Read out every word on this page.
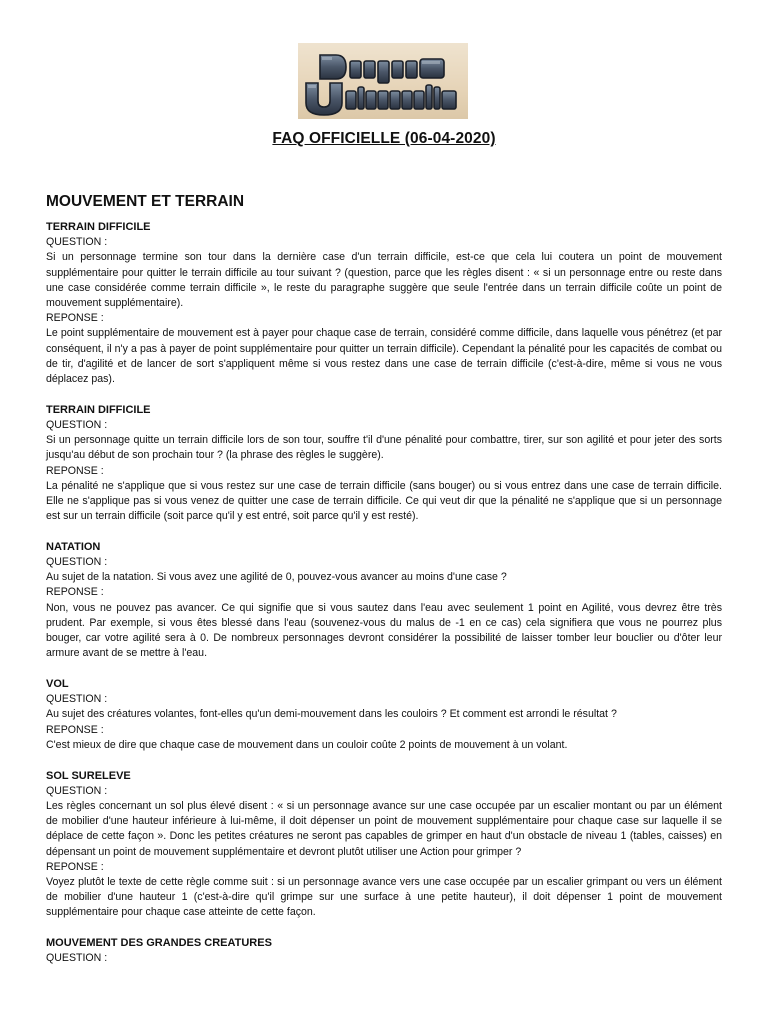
FAQ OFFICIELLE (06-04-2020)
MOUVEMENT ET TERRAIN
TERRAIN DIFFICILE

QUESTION :

Si un personnage termine son tour dans la dernière case d'un terrain difficile, est-ce que cela lui coutera un point de mouvement supplémentaire pour quitter le terrain difficile au tour suivant ? (question, parce que les règles disent : « si un personnage entre ou reste dans une case considérée comme terrain difficile », le reste du paragraphe suggère que seule l'entrée dans un terrain difficile coûte un point de mouvement supplémentaire).

REPONSE :

Le point supplémentaire de mouvement est à payer pour chaque case de terrain, considéré comme difficile, dans laquelle vous pénétrez (et par conséquent, il n'y a pas à payer de point supplémentaire pour quitter un terrain difficile). Cependant la pénalité pour les capacités de combat ou de tir, d'agilité et de lancer de sort s'appliquent même si vous restez dans une case de terrain difficile (c'est-à-dire, même si vous ne vous déplacez pas).

TERRAIN DIFFICILE

QUESTION :

Si un personnage quitte un terrain difficile lors de son tour, souffre t'il d'une pénalité pour combattre, tirer, sur son agilité et pour jeter des sorts jusqu'au début de son prochain tour ? (la phrase des règles le suggère).

REPONSE :

La pénalité ne s'applique que si vous restez sur une case de terrain difficile (sans bouger) ou si vous entrez dans une case de terrain difficile. Elle ne s'applique pas si vous venez de quitter une case de terrain difficile. Ce qui veut dir que la pénalité ne s'applique que si un personnage est sur un terrain difficile (soit parce qu'il y est entré, soit parce qu'il y est resté).

NATATION

QUESTION :

Au sujet de la natation. Si vous avez une agilité de 0, pouvez-vous avancer au moins d'une case ?

REPONSE :

Non, vous ne pouvez pas avancer. Ce qui signifie que si vous sautez dans l'eau avec seulement 1 point en Agilité, vous devrez être très prudent. Par exemple, si vous êtes blessé dans l'eau (souvenez-vous du malus de -1 en ce cas) cela signifiera que vous ne pourrez plus bouger, car votre agilité sera à 0. De nombreux personnages devront considérer la possibilité de laisser tomber leur bouclier ou d'ôter leur armure avant de se mettre à l'eau.

VOL

QUESTION :

Au sujet des créatures volantes, font-elles qu'un demi-mouvement dans les couloirs ? Et comment est arrondi le résultat ?

REPONSE :

C'est mieux de dire que chaque case de mouvement dans un couloir coûte 2 points de mouvement à un volant.

SOL SURELEVE

QUESTION :

Les règles concernant un sol plus élevé disent : « si un personnage avance sur une case occupée par un escalier montant ou par un élément de mobilier d'une hauteur inférieure à lui-même, il doit dépenser un point de mouvement supplémentaire pour chaque case sur laquelle il se déplace de cette façon ». Donc les petites créatures ne seront pas capables de grimper en haut d'un obstacle de niveau 1 (tables, caisses) en dépensant un point de mouvement supplémentaire et devront plutôt utiliser une Action pour grimper ?

REPONSE :

Voyez plutôt le texte de cette règle comme suit : si un personnage avance vers une case occupée par un escalier grimpant ou vers un élément de mobilier d'une hauteur 1 (c'est-à-dire qu'il grimpe sur une surface à une petite hauteur), il doit dépenser 1 point de mouvement supplémentaire pour chaque case atteinte de cette façon.

MOUVEMENT DES GRANDES CREATURES

QUESTION :
